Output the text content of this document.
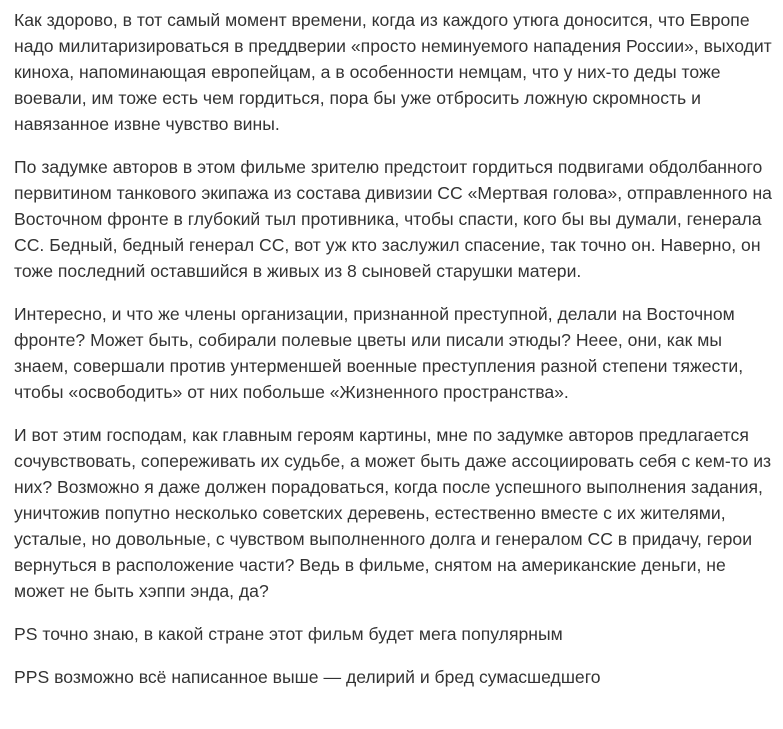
Как здорово, в тот самый момент времени, когда из каждого утюга доносится, что Европе надо милитаризироваться в преддверии «просто неминуемого нападения России», выходит киноха, напоминающая европейцам, а в особенности немцам, что у них-то деды тоже воевали, им тоже есть чем гордиться, пора бы уже отбросить ложную скромность и навязанное извне чувство вины.

По задумке авторов в этом фильме зрителю предстоит гордиться подвигами обдолбанного первитином танкового экипажа из состава дивизии СС «Мертвая голова», отправленного на Восточном фронте в глубокий тыл противника, чтобы спасти, кого бы вы думали, генерала СС. Бедный, бедный генерал СС, вот уж кто заслужил спасение, так точно он. Наверно, он тоже последний оставшийся в живых из 8 сыновей старушки матери.

Интересно, и что же члены организации, признанной преступной, делали на Восточном фронте? Может быть, собирали полевые цветы или писали этюды? Неее, они, как мы знаем, совершали против унтерменшей военные преступления разной степени тяжести, чтобы «освободить» от них побольше «Жизненного пространства».

И вот этим господам, как главным героям картины, мне по задумке авторов предлагается сочувствовать, сопереживать их судьбе, а может быть даже ассоциировать себя с кем-то из них? Возможно я даже должен порадоваться, когда после успешного выполнения задания, уничтожив попутно несколько советских деревень, естественно вместе с их жителями, усталые, но довольные, с чувством выполненного долга и генералом СС в придачу, герои вернуться в расположение части? Ведь в фильме, снятом на американские деньги, не может не быть хэппи энда, да?

PS точно знаю, в какой стране этот фильм будет мега популярным

PPS возможно всё написанное выше — делирий и бред сумасшедшего
